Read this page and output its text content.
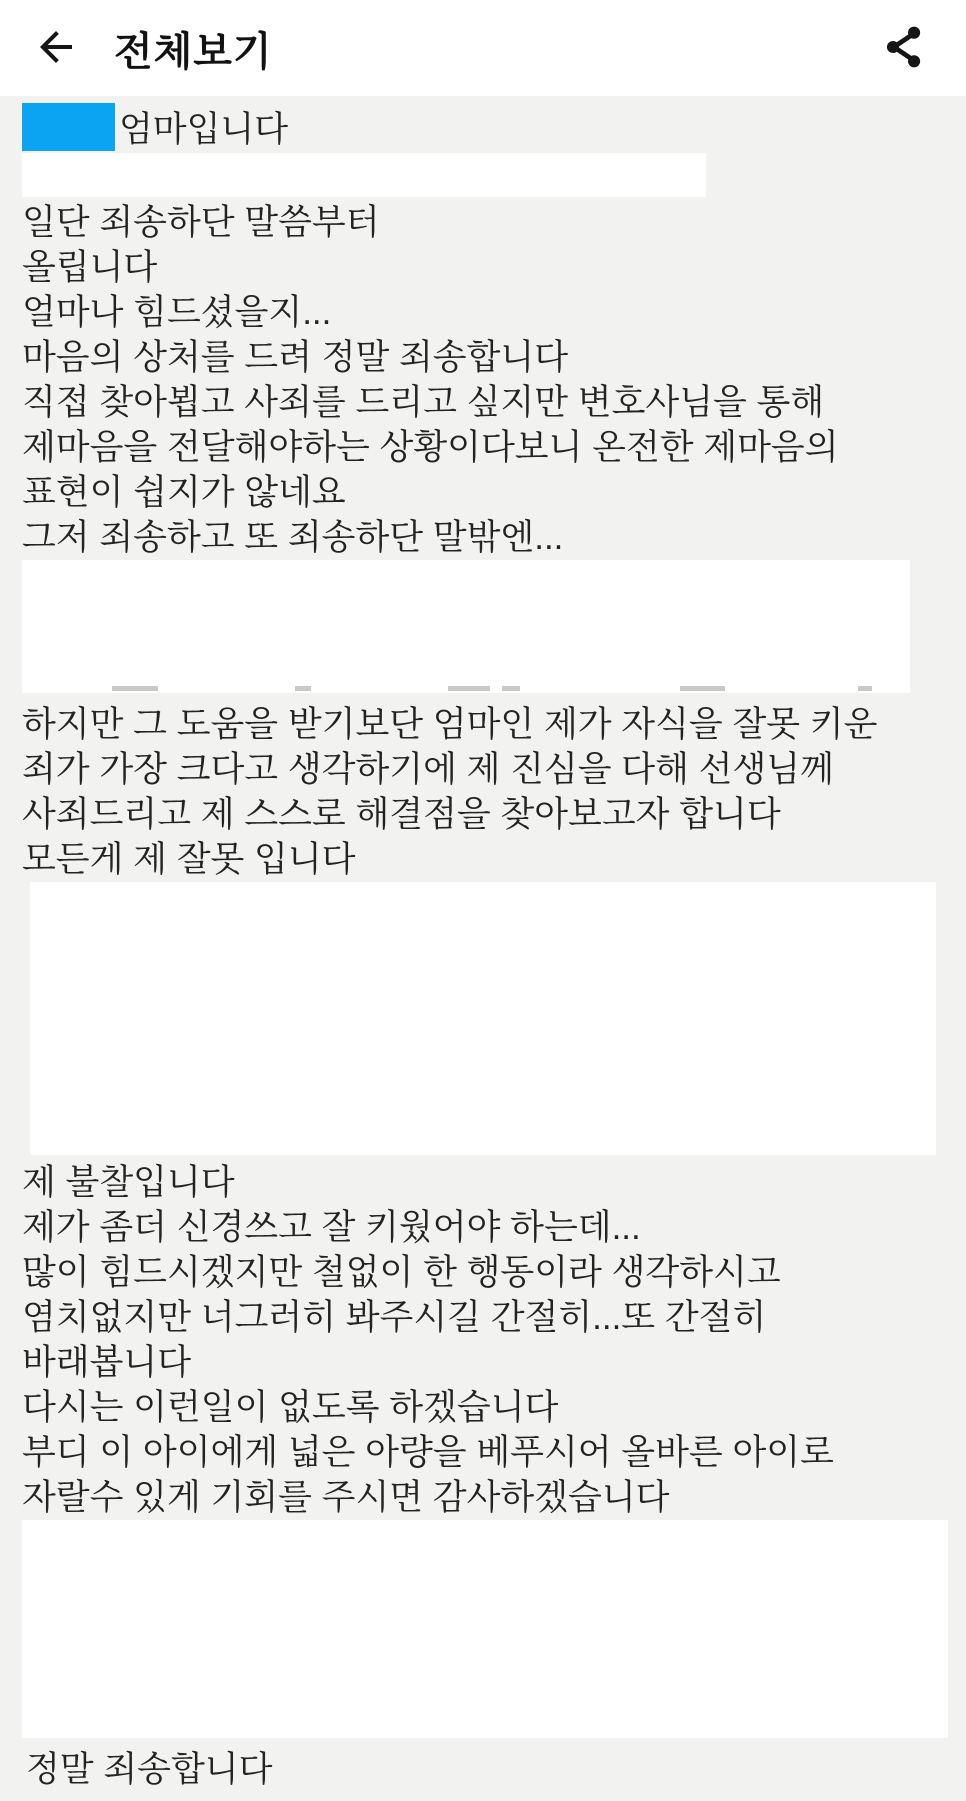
전체보기
엄마입니다
일단 죄송하단 말씀부터
올립니다
얼마나 힘드셨을지...
마음의 상처를 드려 정말 죄송합니다
직접 찾아뵙고 사죄를 드리고 싶지만 변호사님을 통해
제마음을 전달해야하는 상황이다보니 온전한 제마음의
표현이 쉽지가 않네요
그저 죄송하고 또 죄송하단 말밖엔...
하지만 그 도움을 받기보단 엄마인 제가 자식을 잘못 키운
죄가 가장 크다고 생각하기에 제 진심을 다해 선생님께
사죄드리고 제 스스로 해결점을 찾아보고자 합니다
모든게 제 잘못 입니다
제 불찰입니다
제가 좀더 신경쓰고 잘 키웠어야 하는데...
많이 힘드시겠지만 철없이 한 행동이라 생각하시고
염치없지만 너그러히 봐주시길 간절히...또 간절히
바래봅니다
다시는 이런일이 없도록 하겠습니다
부디 이 아이에게 넓은 아량을 베푸시어 올바른 아이로
자랄수 있게 기회를 주시면 감사하겠습니다
정말 죄송합니다
